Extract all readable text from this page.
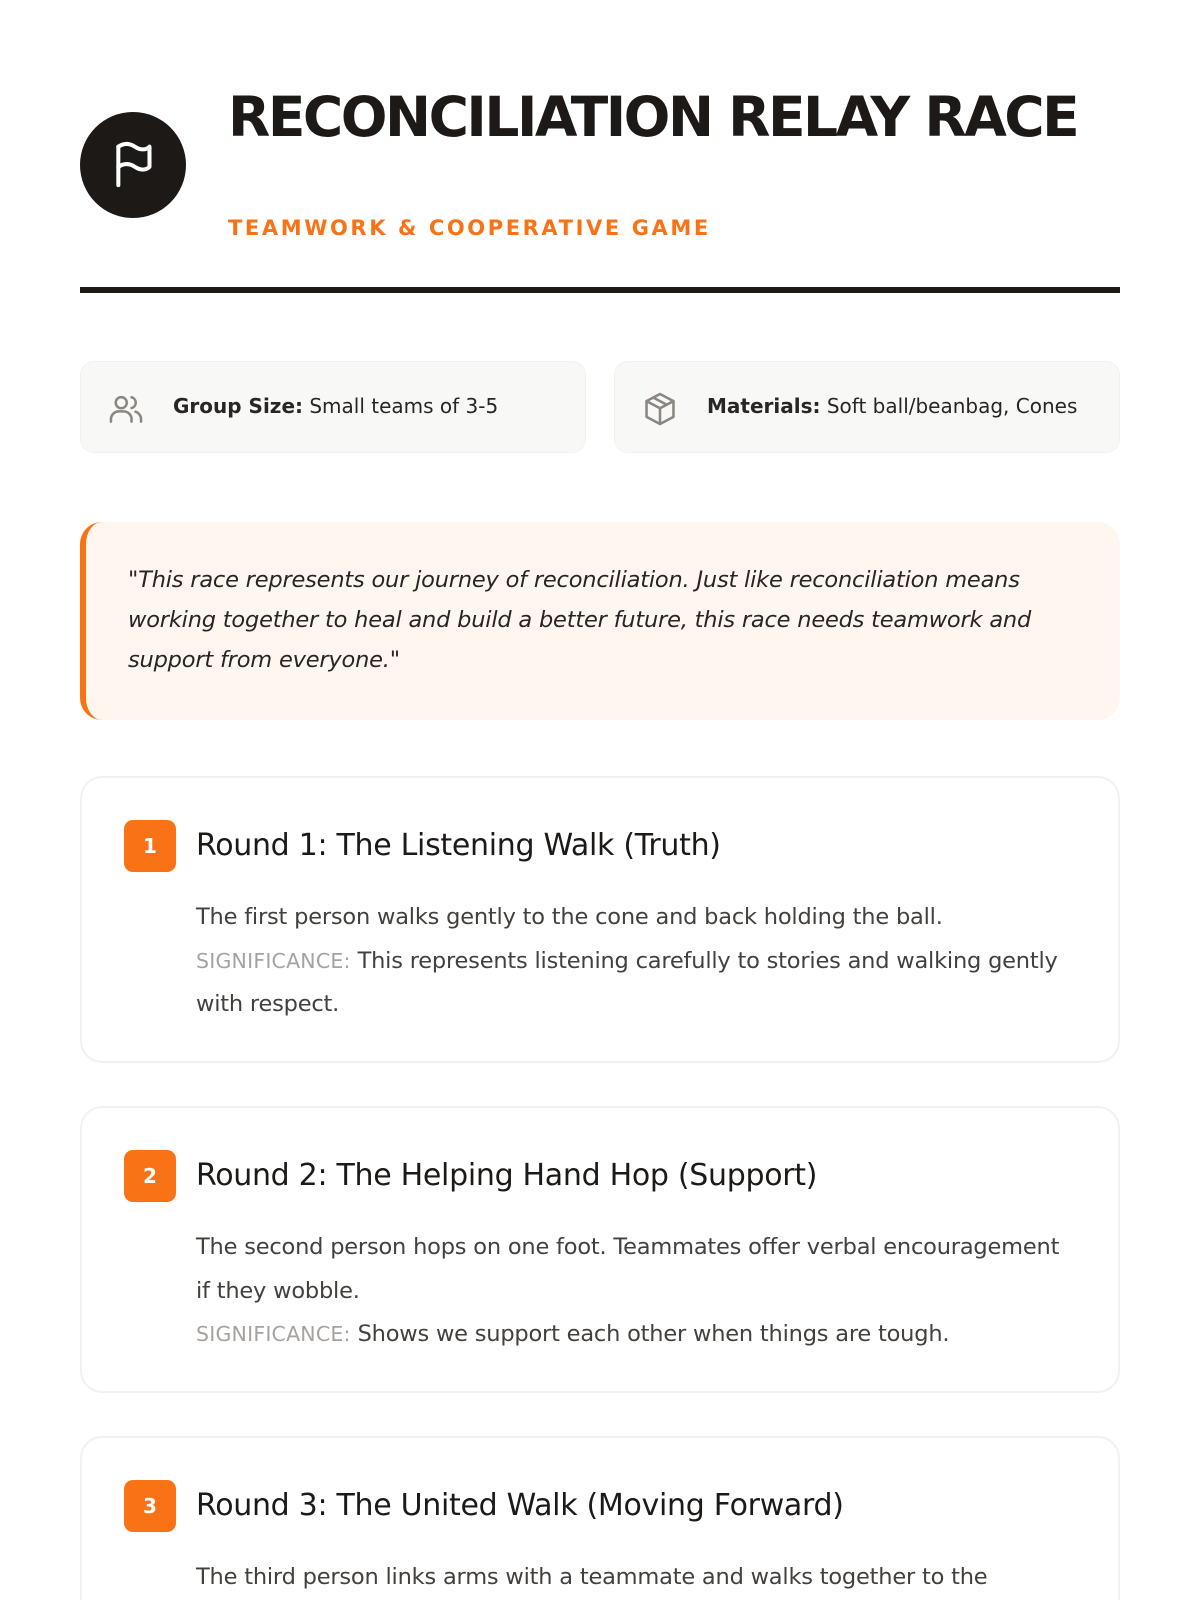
RECONCILIATION RELAY RACE
TEAMWORK & COOPERATIVE GAME
Group Size: Small teams of 3-5	Materials: Soft ball/beanbag, Cones

"This race represents our journey of reconciliation. Just like reconciliation means working together to heal and build a better future, this race needs teamwork and support from everyone."

1	Round 1: The Listening Walk (Truth)

The first person walks gently to the cone and back holding the ball.

SIGNIFICANCE: This represents listening carefully to stories and walking gently with respect.

2	Round 2: The Helping Hand Hop (Support)

The second person hops on one foot. Teammates offer verbal encouragement if they wobble.

SIGNIFICANCE: Shows we support each other when things are tough.

3	Round 3: The United Walk (Moving Forward)

The third person links arms with a teammate and walks together to the
